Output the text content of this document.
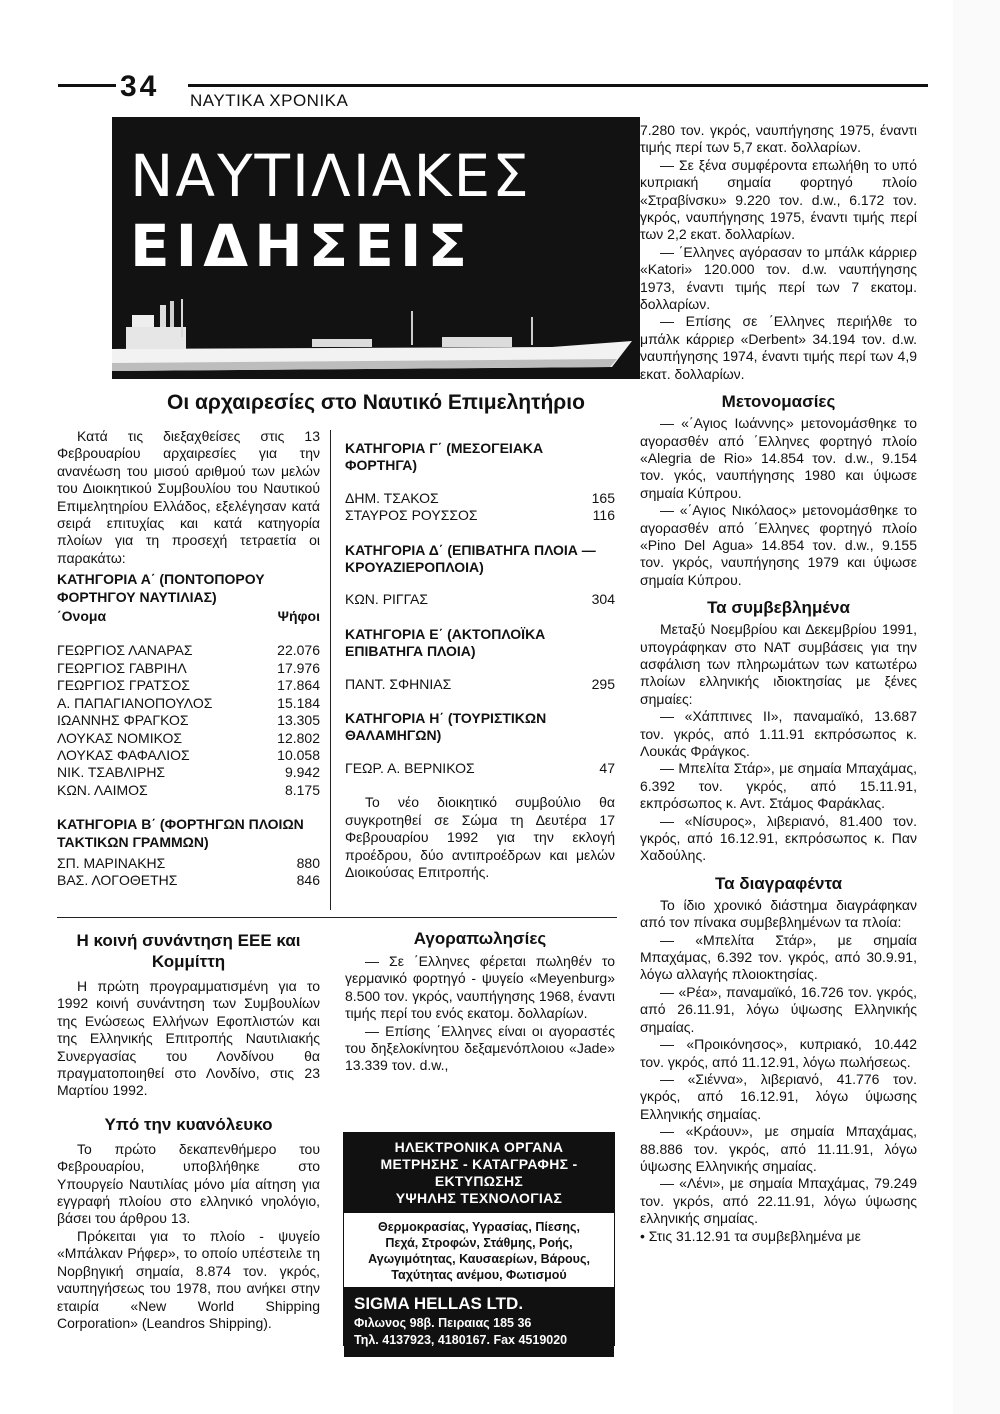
34 ΝΑΥΤΙΚΑ ΧΡΟΝΙΚΑ
ΝΑΥΤΙΛΙΑΚΕΣ
ΕΙΔΗΣΕΙΣ
Οι αρχαιρεσίες στο Ναυτικό Επιμελητήριο

Κατά τις διεξαχθείσες στις 13 Φεβρουαρίου αρχαιρεσίες για την ανανέωση του μισού αριθμού των μελών του Διοικητικού Συμβουλίου του Ναυτικού Επιμελητηρίου Ελλάδος, εξελέγησαν κατά σειρά επιτυχίας και κατά κατηγορία πλοίων για τη προσεχή τετραετία οι παρακάτω:

ΚΑΤΗΓΟΡΙΑ Α΄ (ΠΟΝΤΟΠΟΡΟΥ ΦΟΡΤΗΓΟΥ ΝΑΥΤΙΛΙΑΣ)

΄Ονομα	Ψήφοι
ΓΕΩΡΓΙΟΣ ΛΑΝΑΡΑΣ	22.076
ΓΕΩΡΓΙΟΣ ΓΑΒΡΙΗΛ	17.976
ΓΕΩΡΓΙΟΣ ΓΡΑΤΣΟΣ	17.864
Α. ΠΑΠΑΓΙΑΝΟΠΟΥΛΟΣ	15.184
ΙΩΑΝΝΗΣ ΦΡΑΓΚΟΣ	13.305
ΛΟΥΚΑΣ ΝΟΜΙΚΟΣ	12.802
ΛΟΥΚΑΣ ΦΑΦΑΛΙΟΣ	10.058
ΝΙΚ. ΤΣΑΒΛΙΡΗΣ	9.942
ΚΩΝ. ΛΑΙΜΟΣ	8.175

ΚΑΤΗΓΟΡΙΑ Β΄ (ΦΟΡΤΗΓΩΝ ΠΛΟΙΩΝ ΤΑΚΤΙΚΩΝ ΓΡΑΜΜΩΝ)

ΣΠ. ΜΑΡΙΝΑΚΗΣ	880
ΒΑΣ. ΛΟΓΟΘΕΤΗΣ	846

ΚΑΤΗΓΟΡΙΑ Γ΄ (ΜΕΣΟΓΕΙΑΚΑ ΦΟΡΤΗΓΑ)

ΔΗΜ. ΤΣΑΚΟΣ	165
ΣΤΑΥΡΟΣ ΡΟΥΣΣΟΣ	116

ΚΑΤΗΓΟΡΙΑ Δ΄ (ΕΠΙΒΑΤΗΓΑ ΠΛΟΙΑ — ΚΡΟΥΑΖΙΕΡΟΠΛΟΙΑ)

ΚΩΝ. ΡΙΓΓΑΣ	304

ΚΑΤΗΓΟΡΙΑ Ε΄ (ΑΚΤΟΠΛΟΪΚΑ ΕΠΙΒΑΤΗΓΑ ΠΛΟΙΑ)

ΠΑΝΤ. ΣΦΗΝΙΑΣ	295

ΚΑΤΗΓΟΡΙΑ Η΄ (ΤΟΥΡΙΣΤΙΚΩΝ ΘΑΛΑΜΗΓΩΝ)

ΓΕΩΡ. Α. ΒΕΡΝΙΚΟΣ	47

Το νέο διοικητικό συμβούλιο θα συγκροτηθεί σε Σώμα τη Δευτέρα 17 Φεβρουαρίου 1992 για την εκλογή προέδρου, δύο αντιπροέδρων και μελών Διοικούσας Επιτροπής.

Η κοινή συνάντηση ΕΕΕ και Κομμίττη

Η πρώτη προγραμματισμένη για το 1992 κοινή συνάντηση των Συμβουλίων της Ενώσεως Ελλήνων Εφοπλιστών και της Ελληνικής Επιτροπής Ναυτιλιακής Συνεργασίας του Λονδίνου θα πραγματοποιηθεί στο Λονδίνο, στις 23 Μαρτίου 1992.

Υπό την κυανόλευκο

Το πρώτο δεκαπενθήμερο του Φεβρουαρίου, υποβλήθηκε στο Υπουργείο Ναυτιλίας μόνο μία αίτηση για εγγραφή πλοίου στο ελληνικό νηολόγιο, βάσει του άρθρου 13.

Πρόκειται για το πλοίο - ψυγείο «Μπάλκαν Ρήφερ», το οποίο υπέστειλε τη Νορβηγική σημαία, 8.874 τον. γκρός, ναυπηγήσεως του 1978, που ανήκει στην εταιρία «New World Shipping Corporation» (Leandros Shipping).

Αγοραπωλησίες

— Σε ΄Ελληνες φέρεται πωληθέν το γερμανικό φορτηγό - ψυγείο «Meyenburg» 8.500 τον. γκρός, ναυπήγησης 1968, έναντι τιμής περί του ενός εκατομ. δολλαρίων.

— Επίσης ΄Ελληνες είναι οι αγοραστές του δηξελοκίνητου δεξαμενόπλοιου «Jade» 13.339 τον. d.w.,

ΗΛΕΚΤΡΟΝΙΚΑ ΟΡΓΑΝΑ
ΜΕΤΡΗΣΗΣ - ΚΑΤΑΓΡΑΦΗΣ - ΕΚΤΥΠΩΣΗΣ
ΥΨΗΛΗΣ ΤΕΧΝΟΛΟΓΙΑΣ
Θερμοκρασίας, Υγρασίας, Πίεσης,
Πεχά, Στροφών, Στάθμης, Ροής,
Αγωγιμότητας, Καυσαερίων, Βάρους,
Ταχύτητας ανέμου, Φωτισμού
SIGMA HELLAS LTD.
Φιλωνος 98β. Πειραιας 185 36
Τηλ. 4137923, 4180167. Fax 4519020

7.280 τον. γκρός, ναυπήγησης 1975, έναντι τιμής περί των 5,7 εκατ. δολλαρίων.

— Σε ξένα συμφέροντα επωλήθη το υπό κυπριακή σημαία φορτηγό πλοίο «Στραβίνσκυ» 9.220 τον. d.w., 6.172 τον. γκρός, ναυπήγησης 1975, έναντι τιμής περί των 2,2 εκατ. δολλαρίων.

— ΄Ελληνες αγόρασαν το μπάλκ κάρριερ «Katori» 120.000 τον. d.w. ναυπήγησης 1973, έναντι τιμής περί των 7 εκατομ. δολλαρίων.

— Επίσης σε ΄Ελληνες περιήλθε το μπάλκ κάρριερ «Derbent» 34.194 τον. d.w. ναυπήγησης 1974, έναντι τιμής περί των 4,9 εκατ. δολλαρίων.

Μετονομασίες

— «΄Αγιος Ιωάννης» μετονομάσθηκε το αγορασθέν από ΄Ελληνες φορτηγό πλοίο «Alegria de Rio» 14.854 τον. d.w., 9.154 τον. γκός, ναυπήγησης 1980 και ύψωσε σημαία Κύπρου.

— «΄Αγιος Νικόλαος» μετονομάσθηκε το αγορασθέν από ΄Ελληνες φορτηγό πλοίο «Pino Del Agua» 14.854 τον. d.w., 9.155 τον. γκρός, ναυπήγησης 1979 και ύψωσε σημαία Κύπρου.

Τα συμβεβλημένα

Μεταξύ Νοεμβρίου και Δεκεμβρίου 1991, υπογράφηκαν στο ΝΑΤ συμβάσεις για την ασφάλιση των πληρωμάτων των κατωτέρω πλοίων ελληνικής ιδιοκτησίας με ξένες σημαίες:

— «Χάππινες ΙΙ», παναμαϊκό, 13.687 τον. γκρός, από 1.11.91 εκπρόσωπος κ. Λουκάς Φράγκος.

— Μπελίτα Στάρ», με σημαία Μπαχάμας, 6.392 τον. γκρός, από 15.11.91, εκπρόσωπος κ. Αντ. Στάμος Φαράκλας.

— «Νίσυρος», λιβεριανό, 81.400 τον. γκρός, από 16.12.91, εκπρόσωπος κ. Παν Χαδούλης.

Τα διαγραφέντα

Το ίδιο χρονικό διάστημα διαγράφηκαν από τον πίνακα συμβεβλημένων τα πλοία:

— «Μπελίτα Στάρ», με σημαία Μπαχάμας, 6.392 τον. γκρός, από 30.9.91, λόγω αλλαγής πλοιοκτησίας.

— «Ρέα», παναμαϊκό, 16.726 τον. γκρός, από 26.11.91, λόγω ύψωσης Ελληνικής σημαίας.

— «Προικόνησος», κυπριακό, 10.442 τον. γκρός, από 11.12.91, λόγω πωλήσεως.

— «Σιέννα», λιβεριανό, 41.776 τον. γκρός, από 16.12.91, λόγω ύψωσης Ελληνικής σημαίας.

— «Κράουν», με σημαία Μπαχάμας, 88.886 τον. γκρός, από 11.11.91, λόγω ύψωσης Ελληνικής σημαίας.

— «Λένι», με σημαία Μπαχάμας, 79.249 τον. γκρόs, από 22.11.91, λόγω ύψωσης ελληνικής σημαίας.

• Στις 31.12.91 τα συμβεβλημένα με
